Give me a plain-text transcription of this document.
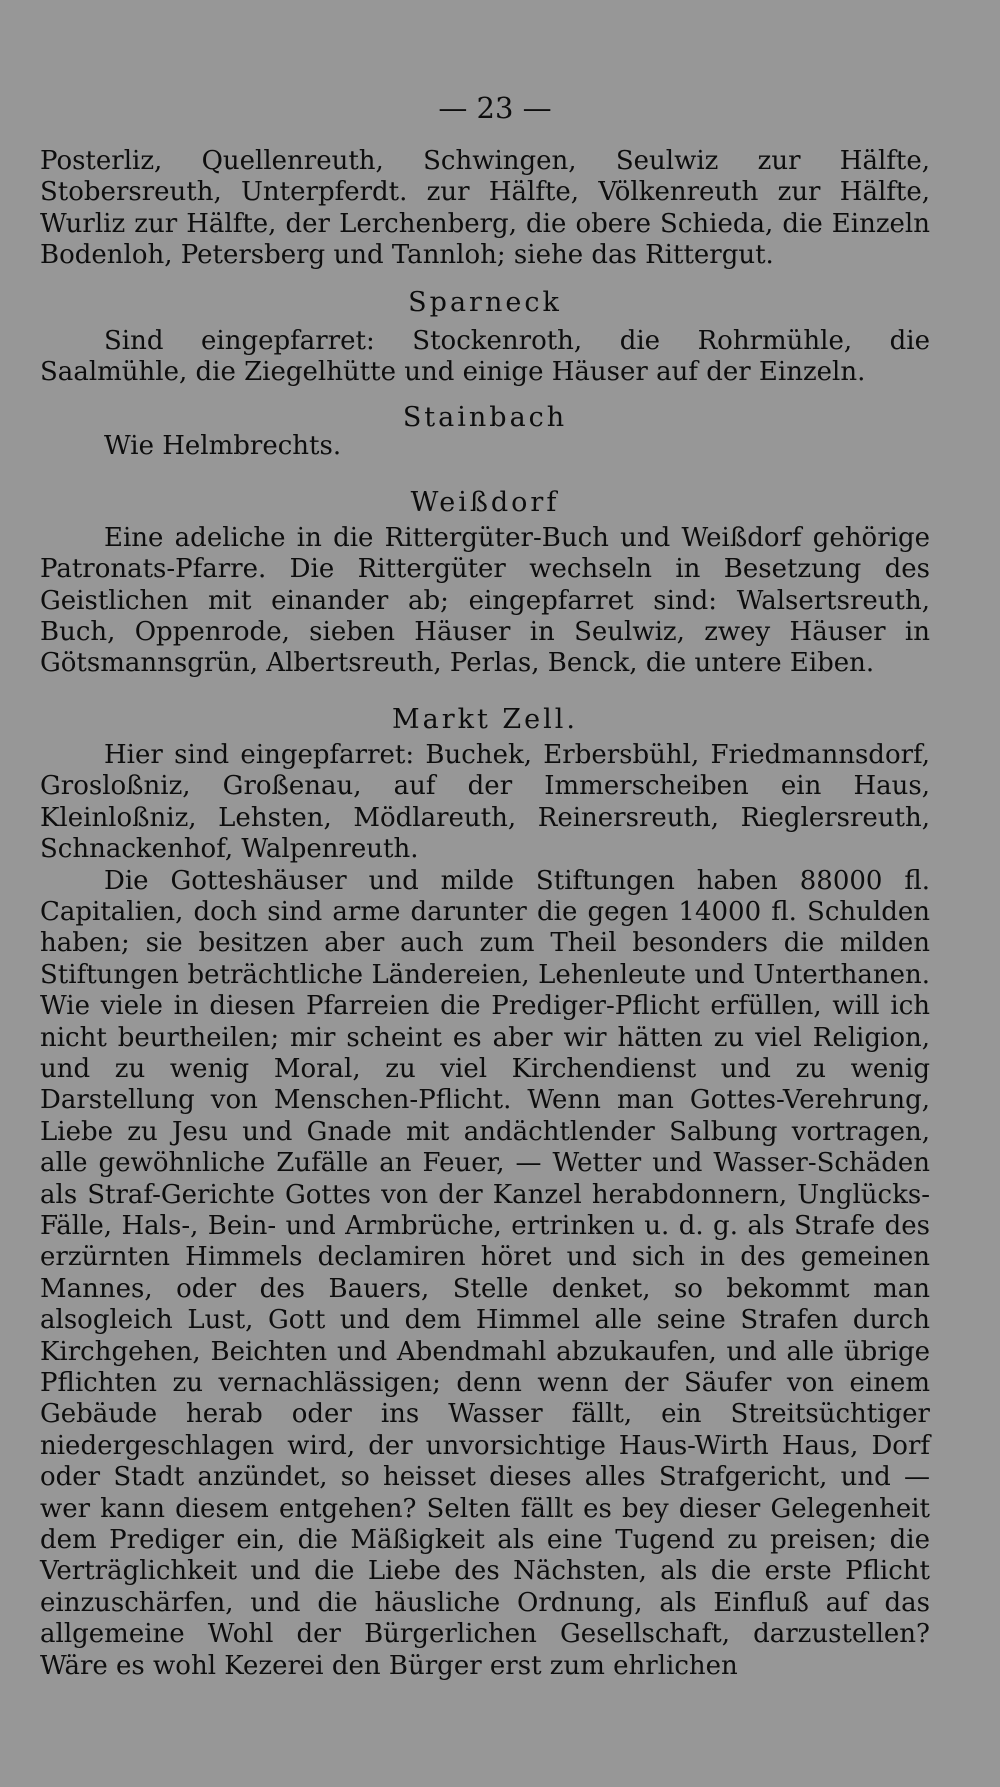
— 23 —

Posterliz, Quellenreuth, Schwingen, Seulwiz zur Hälfte, Stobersreuth, Unterpferdt. zur Hälfte, Völkenreuth zur Hälfte, Wurliz zur Hälfte, der Lerchenberg, die obere Schieda, die Einzeln Bodenloh, Petersberg und Tannloh; siehe das Rittergut.

Sparneck

Sind eingepfarret: Stockenroth, die Rohrmühle, die Saalmühle, die Ziegelhütte und einige Häuser auf der Einzeln.

Stainbach

Wie Helmbrechts.

Weißdorf

Eine adeliche in die Rittergüter-Buch und Weißdorf gehörige Patronats-Pfarre. Die Rittergüter wechseln in Besetzung des Geistlichen mit einander ab; eingepfarret sind: Walsertsreuth, Buch, Oppenrode, sieben Häuser in Seulwiz, zwey Häuser in Götsmannsgrün, Albertsreuth, Perlas, Benck, die untere Eiben.

Markt Zell.

Hier sind eingepfarret: Buchek, Erbersbühl, Friedmannsdorf, Grosloßniz, Großenau, auf der Immerscheiben ein Haus, Kleinloßniz, Lehsten, Mödlareuth, Reinersreuth, Rieglersreuth, Schnackenhof, Walpenreuth.

Die Gotteshäuser und milde Stiftungen haben 88000 fl. Capitalien, doch sind arme darunter die gegen 14000 fl. Schulden haben; sie besitzen aber auch zum Theil besonders die milden Stiftungen beträchtliche Ländereien, Lehenleute und Unterthanen. Wie viele in diesen Pfarreien die Prediger-Pflicht erfüllen, will ich nicht beurtheilen; mir scheint es aber wir hätten zu viel Religion, und zu wenig Moral, zu viel Kirchendienst und zu wenig Darstellung von Menschen-Pflicht. Wenn man Gottes-Verehrung, Liebe zu Jesu und Gnade mit andächtlender Salbung vortragen, alle gewöhnliche Zufälle an Feuer, — Wetter und Wasser-Schäden als Straf-Gerichte Gottes von der Kanzel herabdonnern, Unglücks-Fälle, Hals-, Bein- und Armbrüche, ertrinken u. d. g. als Strafe des erzürnten Himmels declamiren höret und sich in des gemeinen Mannes, oder des Bauers, Stelle denket, so bekommt man alsogleich Lust, Gott und dem Himmel alle seine Strafen durch Kirchgehen, Beichten und Abendmahl abzukaufen, und alle übrige Pflichten zu vernachlässigen; denn wenn der Säufer von einem Gebäude herab oder ins Wasser fällt, ein Streitsüchtiger niedergeschlagen wird, der unvorsichtige Haus-Wirth Haus, Dorf oder Stadt anzündet, so heisset dieses alles Strafgericht, und — wer kann diesem entgehen? Selten fällt es bey dieser Gelegenheit dem Prediger ein, die Mäßigkeit als eine Tugend zu preisen; die Verträglichkeit und die Liebe des Nächsten, als die erste Pflicht einzuschärfen, und die häusliche Ordnung, als Einfluß auf das allgemeine Wohl der Bürgerlichen Gesellschaft, darzustellen? Wäre es wohl Kezerei den Bürger erst zum ehrlichen
